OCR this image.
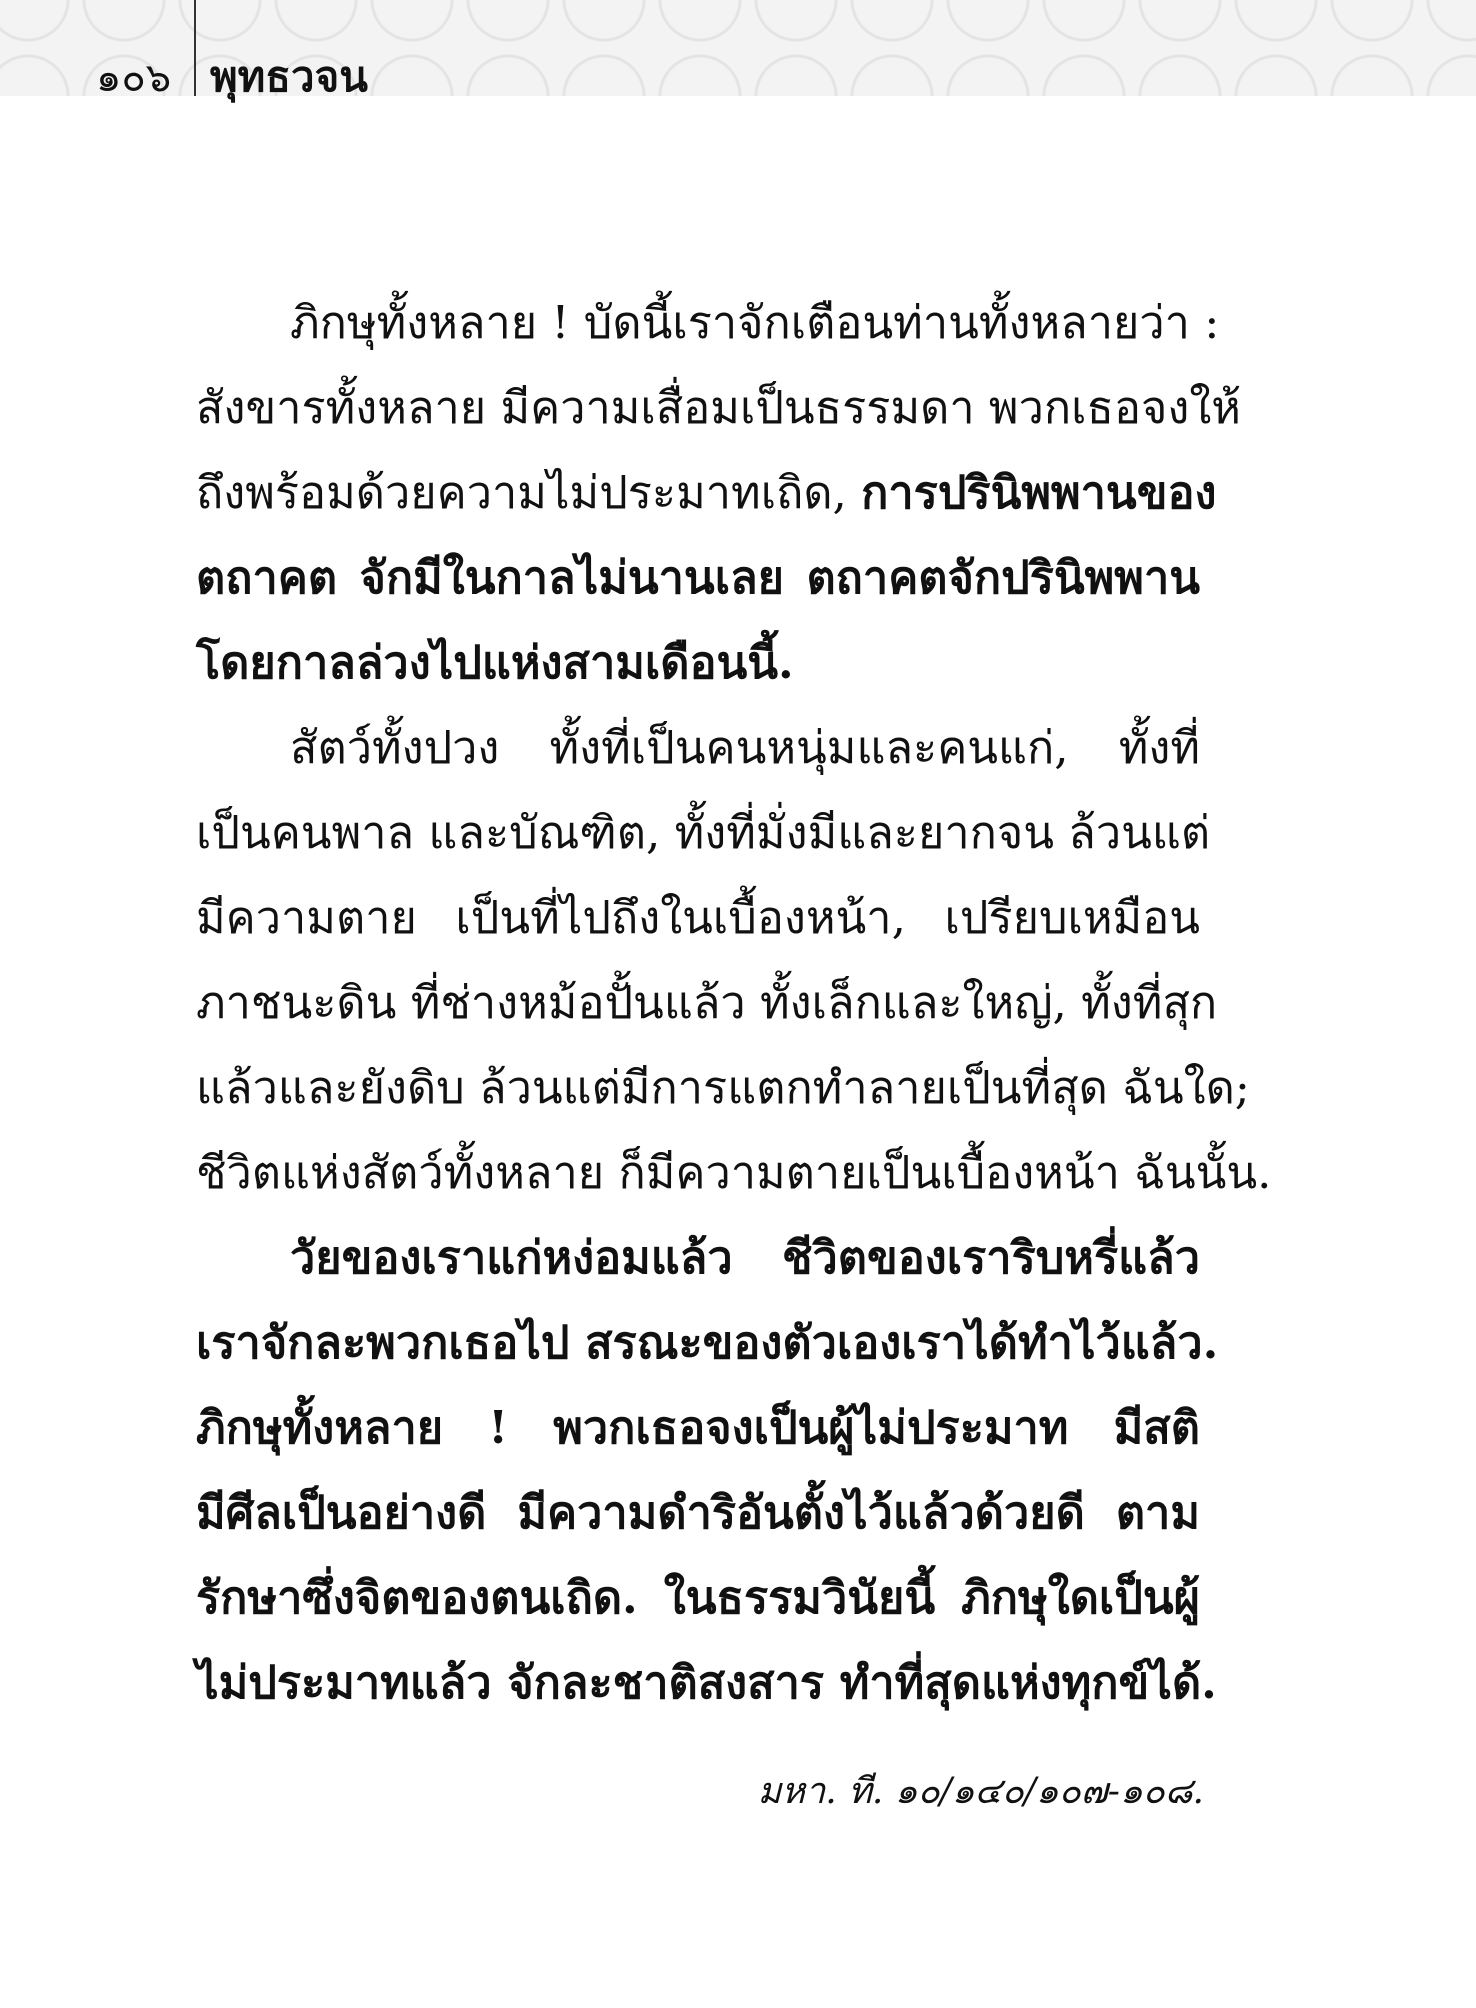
๑๐๖ พุทธวจน
ภิกษุทั้งหลาย ! บัดนี้เราจักเตือนท่านทั้งหลายว่า :
สังขารทั้งหลาย มีความเสื่อมเป็นธรรมดา พวกเธอจงให้
ถึงพร้อมด้วยความไม่ประมาทเถิด, การปรินิพพานของ
ตถาคต จักมีในกาลไม่นานเลย ตถาคตจักปรินิพพาน
โดยกาลล่วงไปแห่งสามเดือนนี้.
สัตว์ทั้งปวง ทั้งที่เป็นคนหนุ่มและคนแก่, ทั้งที่
เป็นคนพาล และบัณฑิต, ทั้งที่มั่งมีและยากจน ล้วนแต่
มีความตาย เป็นที่ไปถึงในเบื้องหน้า, เปรียบเหมือน
ภาชนะดิน ที่ช่างหม้อปั้นแล้ว ทั้งเล็กและใหญ่, ทั้งที่สุก
แล้วและยังดิบ ล้วนแต่มีการแตกทำลายเป็นที่สุด ฉันใด;
ชีวิตแห่งสัตว์ทั้งหลาย ก็มีความตายเป็นเบื้องหน้า ฉันนั้น.
วัยของเราแก่หง่อมแล้ว ชีวิตของเราริบหรี่แล้ว
เราจักละพวกเธอไป สรณะของตัวเองเราได้ทำไว้แล้ว.
ภิกษุทั้งหลาย ! พวกเธอจงเป็นผู้ไม่ประมาท มีสติ
มีศีลเป็นอย่างดี มีความดำริอันตั้งไว้แล้วด้วยดี ตาม
รักษาซึ่งจิตของตนเถิด. ในธรรมวินัยนี้ ภิกษุใดเป็นผู้
ไม่ประมาทแล้ว จักละชาติสงสาร ทำที่สุดแห่งทุกข์ได้.
มหา. ที. ๑๐/๑๔๐/๑๐๗-๑๐๘.
